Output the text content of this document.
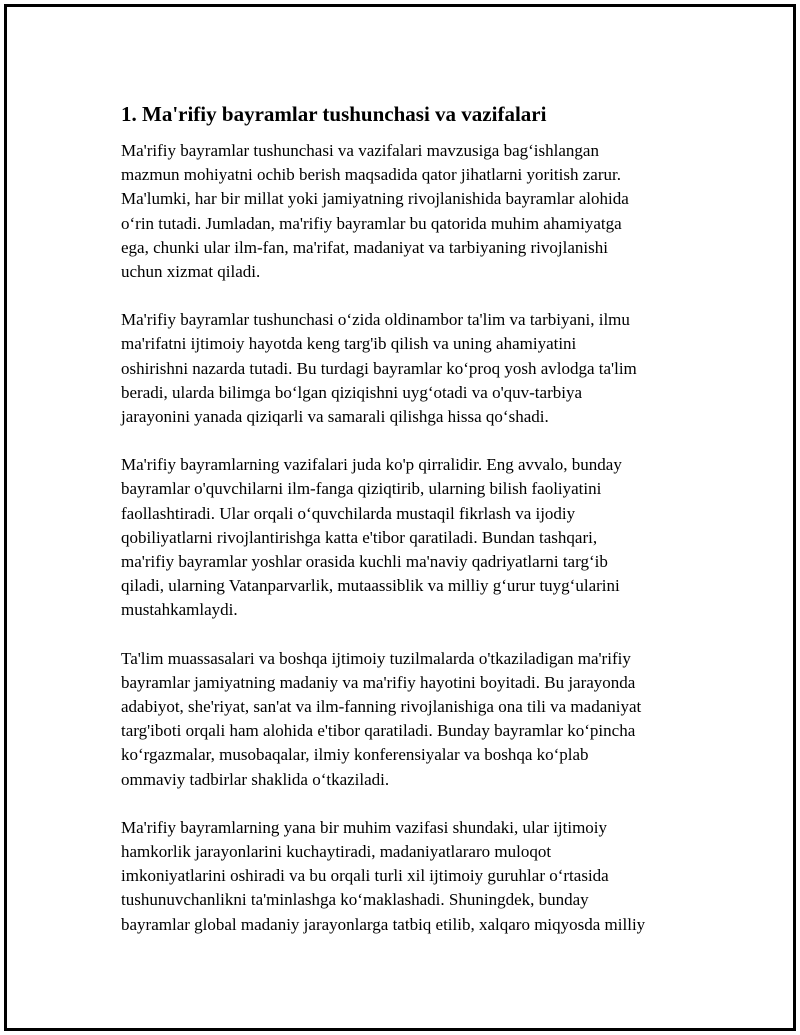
1. Ma'rifiy bayramlar tushunchasi va vazifalari

Ma'rifiy bayramlar tushunchasi va vazifalari mavzusiga bag‘ishlangan
mazmun mohiyatni ochib berish maqsadida qator jihatlarni yoritish zarur.
Ma'lumki, har bir millat yoki jamiyatning rivojlanishida bayramlar alohida
o‘rin tutadi. Jumladan, ma'rifiy bayramlar bu qatorida muhim ahamiyatga
ega, chunki ular ilm-fan, ma'rifat, madaniyat va tarbiyaning rivojlanishi
uchun xizmat qiladi.

Ma'rifiy bayramlar tushunchasi o‘zida oldinambor ta'lim va tarbiyani, ilmu
ma'rifatni ijtimoiy hayotda keng targ'ib qilish va uning ahamiyatini
oshirishni nazarda tutadi. Bu turdagi bayramlar ko‘proq yosh avlodga ta'lim
beradi, ularda bilimga bo‘lgan qiziqishni uyg‘otadi va o'quv-tarbiya
jarayonini yanada qiziqarli va samarali qilishga hissa qo‘shadi.

Ma'rifiy bayramlarning vazifalari juda ko'p qirralidir. Eng avvalo, bunday
bayramlar o'quvchilarni ilm-fanga qiziqtirib, ularning bilish faoliyatini
faollashtiradi. Ular orqali o‘quvchilarda mustaqil fikrlash va ijodiy
qobiliyatlarni rivojlantirishga katta e'tibor qaratiladi. Bundan tashqari,
ma'rifiy bayramlar yoshlar orasida kuchli ma'naviy qadriyatlarni targ‘ib
qiladi, ularning Vatanparvarlik, mutaassiblik va milliy g‘urur tuyg‘ularini
mustahkamlaydi.

Ta'lim muassasalari va boshqa ijtimoiy tuzilmalarda o'tkaziladigan ma'rifiy
bayramlar jamiyatning madaniy va ma'rifiy hayotini boyitadi. Bu jarayonda
adabiyot, she'riyat, san'at va ilm-fanning rivojlanishiga ona tili va madaniyat
targ'iboti orqali ham alohida e'tibor qaratiladi. Bunday bayramlar ko‘pincha
ko‘rgazmalar, musobaqalar, ilmiy konferensiyalar va boshqa ko‘plab
ommaviy tadbirlar shaklida o‘tkaziladi.

Ma'rifiy bayramlarning yana bir muhim vazifasi shundaki, ular ijtimoiy
hamkorlik jarayonlarini kuchaytiradi, madaniyatlararo muloqot
imkoniyatlarini oshiradi va bu orqali turli xil ijtimoiy guruhlar o‘rtasida
tushunuvchanlikni ta'minlashga ko‘maklashadi. Shuningdek, bunday
bayramlar global madaniy jarayonlarga tatbiq etilib, xalqaro miqyosda milliy
